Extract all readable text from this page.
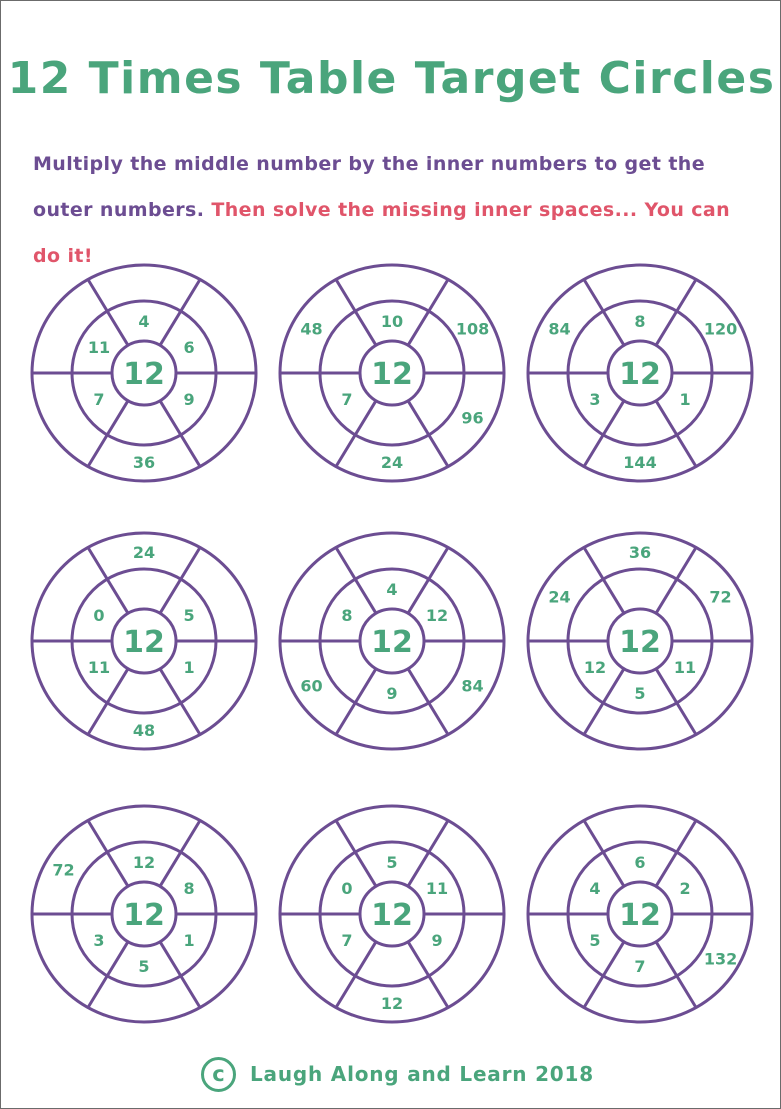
12 Times Table Target Circles
Multiply the middle number by the inner numbers to get the outer numbers. Then solve the missing inner spaces... You can do it!
12
4
6
9
7
11
36
12
10
7
108
96
24
48
12
8
1
3
120
144
84
12
5
1
11
0
24
48
12
4
12
9
8
84
60
12
11
5
12
36
72
24
12
12
8
1
5
3
72
12
5
11
9
7
0
12
12
6
2
7
5
4
132
c	Laugh Along and Learn 2018
